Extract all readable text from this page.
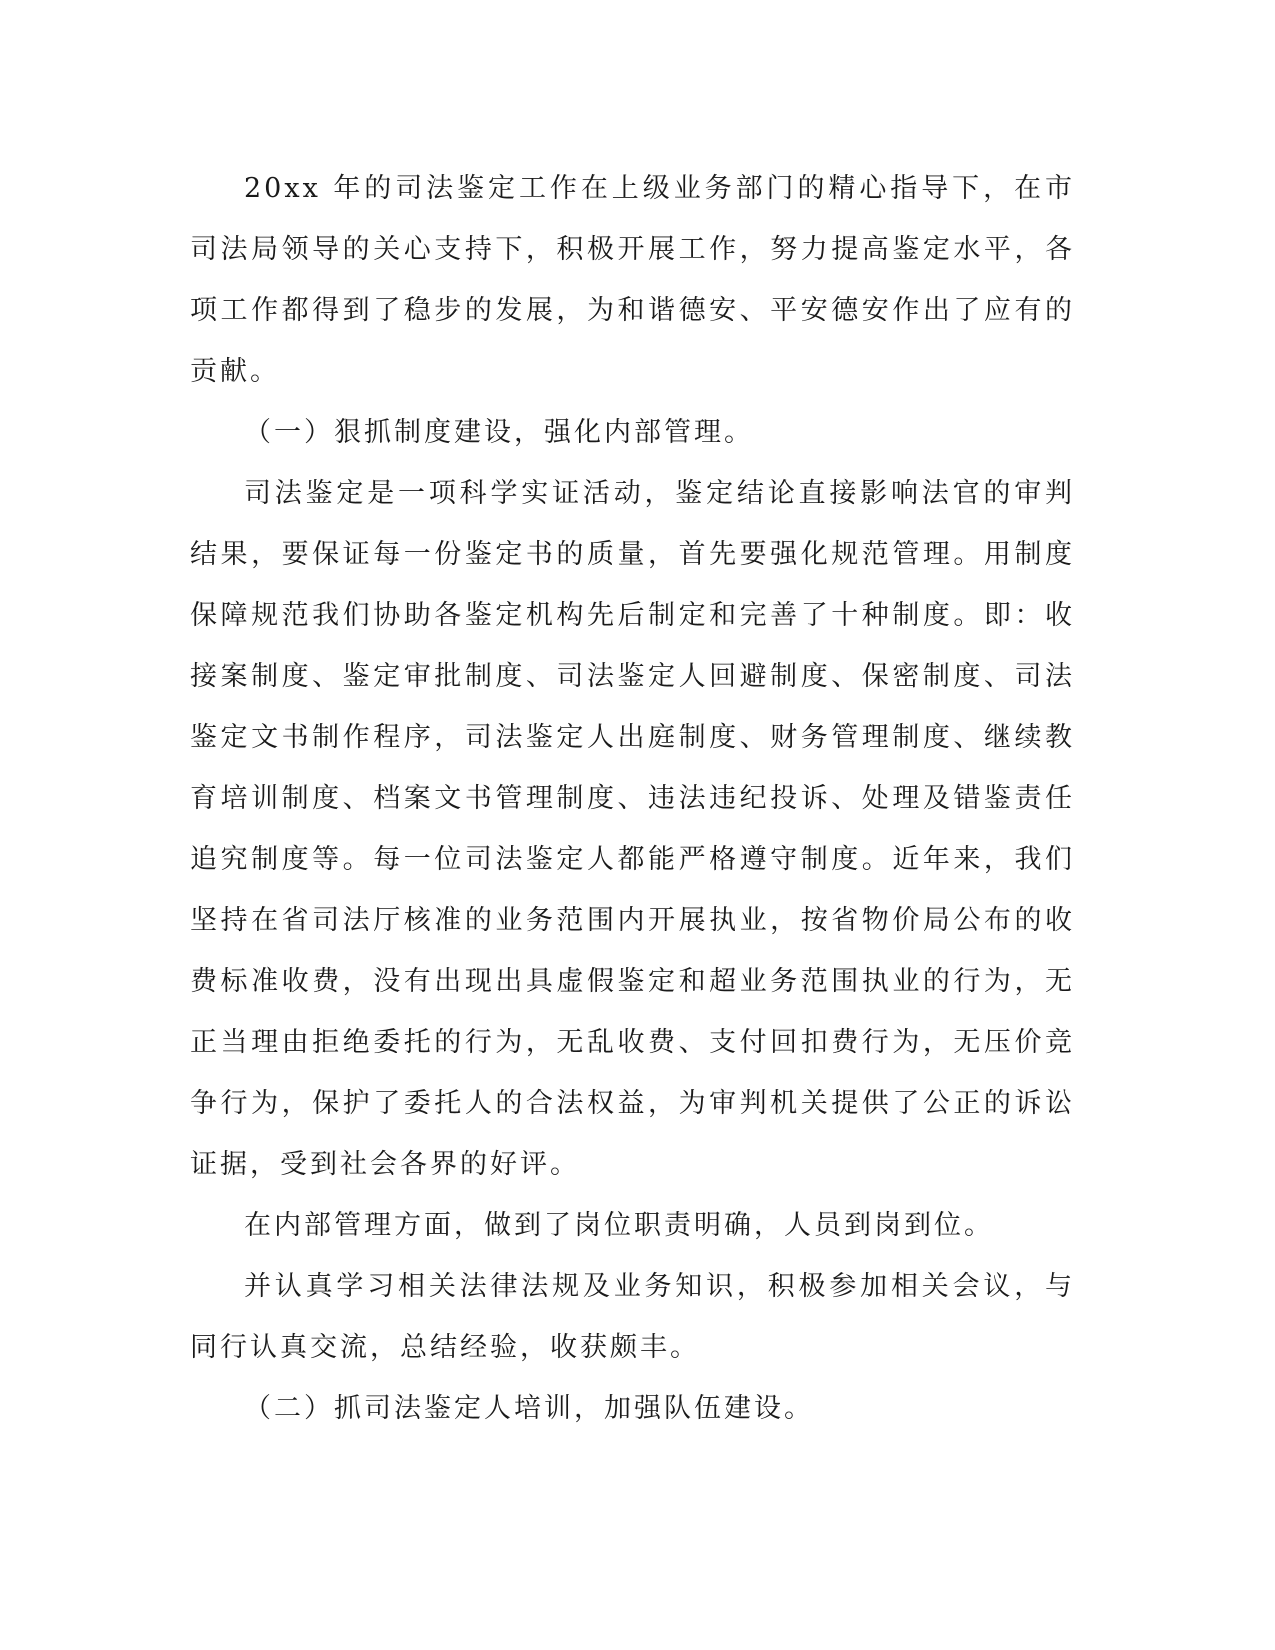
20xx 年的司法鉴定工作在上级业务部门的精心指导下，在市司法局领导的关心支持下，积极开展工作，努力提高鉴定水平，各项工作都得到了稳步的发展，为和谐德安、平安德安作出了应有的贡献。

（一）狠抓制度建设，强化内部管理。

司法鉴定是一项科学实证活动，鉴定结论直接影响法官的审判结果，要保证每一份鉴定书的质量，首先要强化规范管理。用制度保障规范我们协助各鉴定机构先后制定和完善了十种制度。即：收接案制度、鉴定审批制度、司法鉴定人回避制度、保密制度、司法鉴定文书制作程序，司法鉴定人出庭制度、财务管理制度、继续教育培训制度、档案文书管理制度、违法违纪投诉、处理及错鉴责任追究制度等。每一位司法鉴定人都能严格遵守制度。近年来，我们坚持在省司法厅核准的业务范围内开展执业，按省物价局公布的收费标准收费，没有出现出具虚假鉴定和超业务范围执业的行为，无正当理由拒绝委托的行为，无乱收费、支付回扣费行为，无压价竞争行为，保护了委托人的合法权益，为审判机关提供了公正的诉讼证据，受到社会各界的好评。

在内部管理方面，做到了岗位职责明确，人员到岗到位。

并认真学习相关法律法规及业务知识，积极参加相关会议，与同行认真交流，总结经验，收获颇丰。

（二）抓司法鉴定人培训，加强队伍建设。
